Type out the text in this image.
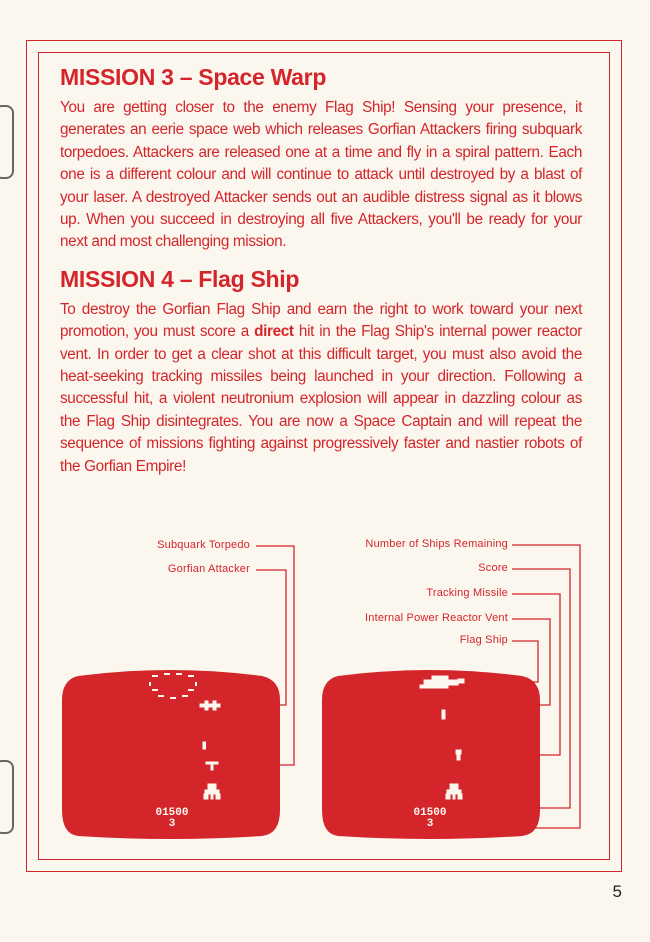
MISSION 3 – Space Warp

You are getting closer to the enemy Flag Ship! Sensing your presence, it generates an eerie space web which releases Gorfian Attackers firing subquark torpedoes. Attackers are released one at a time and fly in a spiral pattern. Each one is a different colour and will continue to attack until destroyed by a blast of your laser. A destroyed Attacker sends out an audible distress signal as it blows up. When you succeed in destroying all five Attackers, you'll be ready for your next and most challenging mission.

MISSION 4 – Flag Ship

To destroy the Gorfian Flag Ship and earn the right to work toward your next promotion, you must score a direct hit in the Flag Ship's internal power reactor vent. In order to get a clear shot at this difficult target, you must also avoid the heat-seeking tracking missiles being launched in your direction. Following a successful hit, a violent neutronium explosion will appear in dazzling colour as the Flag Ship disintegrates. You are now a Space Captain and will repeat the sequence of missions fighting against progressively faster and nastier robots of the Gorfian Empire!

Subquark Torpedo
Gorfian Attacker
Number of Ships Remaining
Score
Tracking Missile
Internal Power Reactor Vent
Flag Ship
01500
3
01500
3
5
